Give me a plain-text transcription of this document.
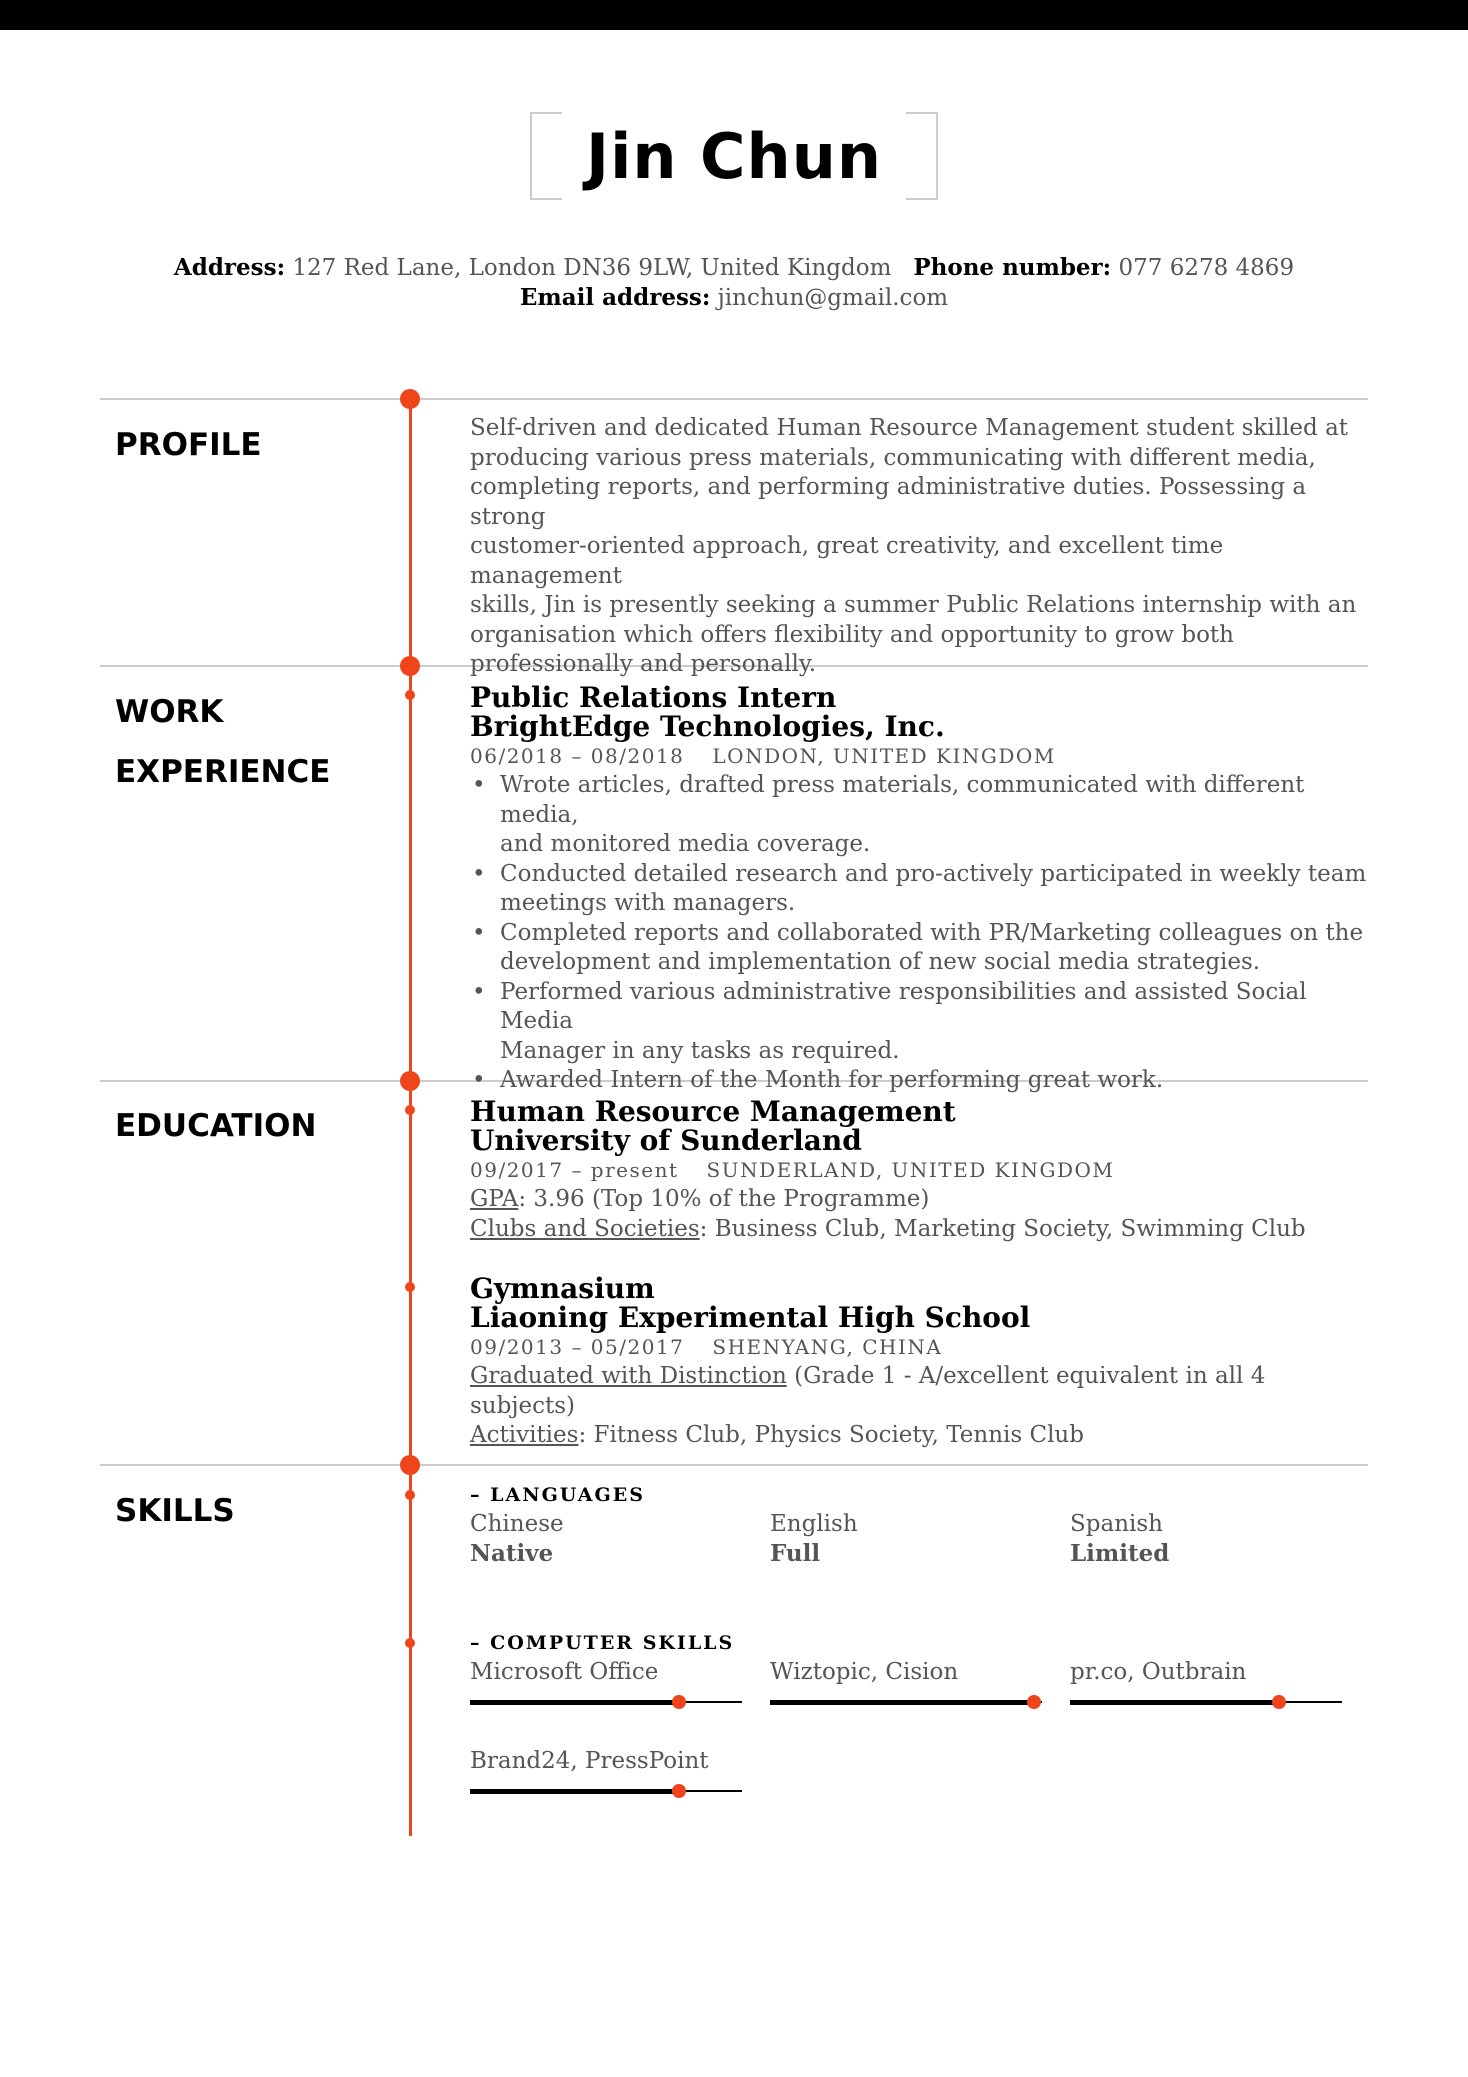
Jin Chun
Address: 127 Red Lane, London DN36 9LW, United Kingdom Phone number: 077 6278 4869
Email address: jinchun@gmail.com
PROFILE
WORK
EXPERIENCE
EDUCATION
SKILLS
Self-driven and dedicated Human Resource Management student skilled at
producing various press materials, communicating with different media,
completing reports, and performing administrative duties. Possessing a strong
customer-oriented approach, great creativity, and excellent time management
skills, Jin is presently seeking a summer Public Relations internship with an
organisation which offers flexibility and opportunity to grow both
professionally and personally.
Public Relations Intern
BrightEdge Technologies, Inc.
06/2018 – 08/2018 LONDON, UNITED KINGDOM
• Wrote articles, drafted press materials, communicated with different media,
and monitored media coverage.
• Conducted detailed research and pro-actively participated in weekly team
meetings with managers.
• Completed reports and collaborated with PR/Marketing colleagues on the
development and implementation of new social media strategies.
• Performed various administrative responsibilities and assisted Social Media
Manager in any tasks as required.
• Awarded Intern of the Month for performing great work.
Human Resource Management
University of Sunderland
09/2017 – present SUNDERLAND, UNITED KINGDOM
GPA: 3.96 (Top 10% of the Programme)
Clubs and Societies: Business Club, Marketing Society, Swimming Club
Gymnasium
Liaoning Experimental High School
09/2013 – 05/2017 SHENYANG, CHINA
Graduated with Distinction (Grade 1 - A/excellent equivalent in all 4 subjects)
Activities: Fitness Club, Physics Society, Tennis Club
– LANGUAGES
Chinese
Native
English
Full
Spanish
Limited
– COMPUTER SKILLS
Microsoft Office	Wiztopic, Cision	pr.co, Outbrain
Brand24, PressPoint
